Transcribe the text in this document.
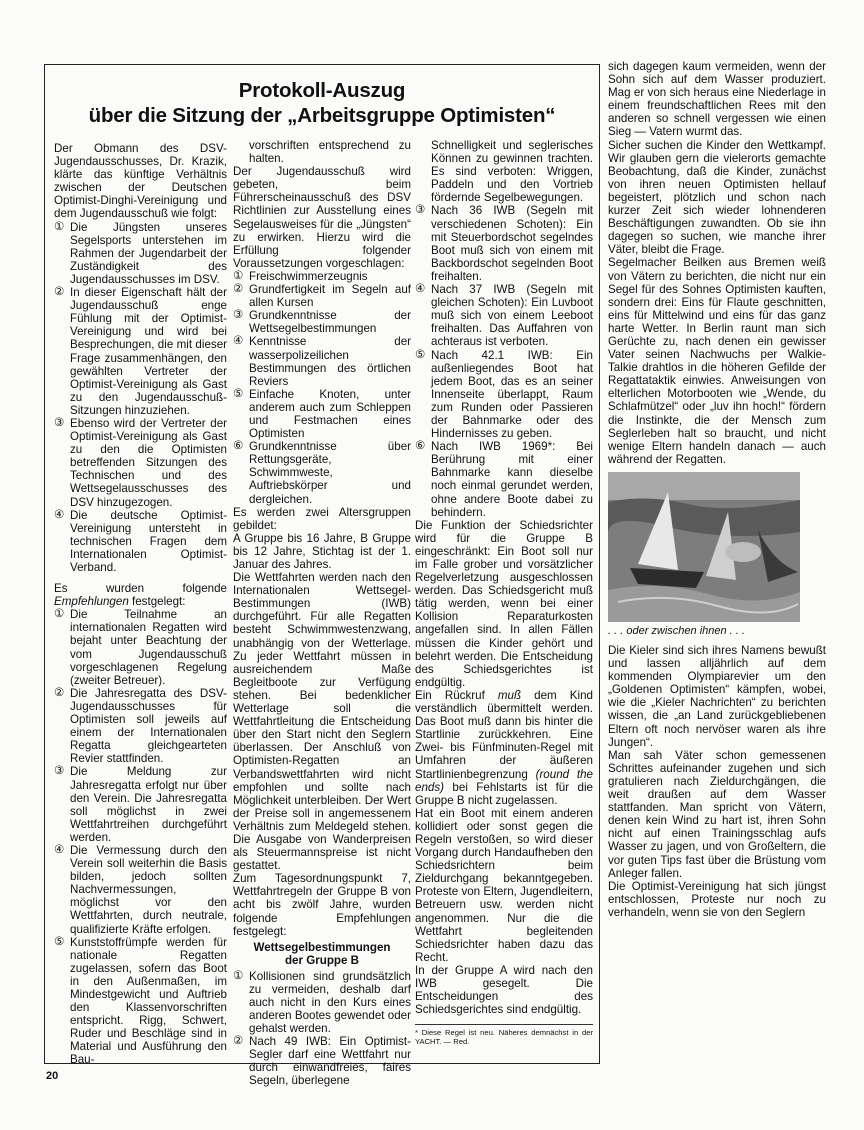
Protokoll-Auszug
über die Sitzung der „Arbeitsgruppe Optimisten“

Der Obmann des DSV-Jugendausschusses, Dr. Krazik, klärte das künftige Verhältnis zwischen der Deutschen Optimist-Dinghi-Vereinigung und dem Jugendausschuß wie folgt:

① Die Jüngsten unseres Segelsports unterstehen im Rahmen der Jugendarbeit der Zuständigkeit des Jugendausschusses im DSV.
② In dieser Eigenschaft hält der Jugendausschuß enge Fühlung mit der Optimist-Vereinigung und wird bei Besprechungen, die mit dieser Frage zusammenhängen, den gewählten Vertreter der Optimist-Vereinigung als Gast zu den Jugendausschuß-Sitzungen hinzuziehen.
③ Ebenso wird der Vertreter der Optimist-Vereinigung als Gast zu den die Optimisten betreffenden Sitzungen des Technischen und des Wettsegelausschusses des DSV hinzugezogen.
④ Die deutsche Optimist-Vereinigung untersteht in technischen Fragen dem Internationalen Optimist-Verband.

Es wurden folgende Empfehlungen festgelegt:

① Die Teilnahme an internationalen Regatten wird bejaht unter Beachtung der vom Jugendausschuß vorgeschlagenen Regelung (zweiter Betreuer).
② Die Jahresregatta des DSV-Jugendausschusses für Optimisten soll jeweils auf einem der Internationalen Regatta gleichgearteten Revier stattfinden.
③ Die Meldung zur Jahresregatta erfolgt nur über den Verein. Die Jahresregatta soll möglichst in zwei Wettfahrtreihen durchgeführt werden.
④ Die Vermessung durch den Verein soll weiterhin die Basis bilden, jedoch sollten Nachvermessungen, möglichst vor den Wettfahrten, durch neutrale, qualifizierte Kräfte erfolgen.
⑤ Kunststoffrümpfe werden für nationale Regatten zugelassen, sofern das Boot in den Außenmaßen, im Mindestgewicht und Auftrieb den Klassenvorschriften entspricht. Rigg, Schwert, Ruder und Beschläge sind in Material und Ausführung den Bau-

vorschriften entsprechend zu halten.

Der Jugendausschuß wird gebeten, beim Führerscheinausschuß des DSV Richtlinien zur Ausstellung eines Segelausweises für die „Jüngsten“ zu erwirken. Hierzu wird die Erfüllung folgender Voraussetzungen vorgeschlagen:

① Freischwimmerzeugnis
② Grundfertigkeit im Segeln auf allen Kursen
③ Grundkenntnisse der Wettsegelbestimmungen
④ Kenntnisse der wasserpolizeilichen Bestimmungen des örtlichen Reviers
⑤ Einfache Knoten, unter anderem auch zum Schleppen und Festmachen eines Optimisten
⑥ Grundkenntnisse über Rettungsgeräte, Schwimmweste, Auftriebskörper und dergleichen.

Es werden zwei Altersgruppen gebildet:

A Gruppe bis 16 Jahre, B Gruppe bis 12 Jahre, Stichtag ist der 1. Januar des Jahres.

Die Wettfahrten werden nach den Internationalen Wettsegel-Bestimmungen (IWB) durchgeführt. Für alle Regatten besteht Schwimmwestenzwang, unabhängig von der Wetterlage. Zu jeder Wettfahrt müssen in ausreichendem Maße Begleitboote zur Verfügung stehen. Bei bedenklicher Wetterlage soll die Wettfahrtleitung die Entscheidung über den Start nicht den Seglern überlassen. Der Anschluß von Optimisten-Regatten an Verbandswettfahrten wird nicht empfohlen und sollte nach Möglichkeit unterbleiben. Der Wert der Preise soll in angemessenem Verhältnis zum Meldegeld stehen. Die Ausgabe von Wanderpreisen als Steuermannspreise ist nicht gestattet.

Zum Tagesordnungspunkt 7, Wettfahrtregeln der Gruppe B von acht bis zwölf Jahre, wurden folgende Empfehlungen festgelegt:

Wettsegelbestimmungen
der Gruppe B
① Kollisionen sind grundsätzlich zu vermeiden, deshalb darf auch nicht in den Kurs eines anderen Bootes gewendet oder gehalst werden.
② Nach 49 IWB: Ein Optimist-Segler darf eine Wettfahrt nur durch einwandfreies, faires Segeln, überlegene

Schnelligkeit und seglerisches Können zu gewinnen trachten. Es sind verboten: Wriggen, Paddeln und den Vortrieb fördernde Segelbewegungen.

③ Nach 36 IWB (Segeln mit verschiedenen Schoten): Ein mit Steuerbordschot segelndes Boot muß sich von einem mit Backbordschot segelnden Boot freihalten.
④ Nach 37 IWB (Segeln mit gleichen Schoten): Ein Luvboot muß sich von einem Leeboot freihalten. Das Auffahren von achteraus ist verboten.
⑤ Nach 42.1 IWB: Ein außenliegendes Boot hat jedem Boot, das es an seiner Innenseite überlappt, Raum zum Runden oder Passieren der Bahnmarke oder des Hindernisses zu geben.
⑥ Nach IWB 1969*: Bei Berührung mit einer Bahnmarke kann dieselbe noch einmal gerundet werden, ohne andere Boote dabei zu behindern.

Die Funktion der Schiedsrichter wird für die Gruppe B eingeschränkt: Ein Boot soll nur im Falle grober und vorsätzlicher Regelverletzung ausgeschlossen werden. Das Schiedsgericht muß tätig werden, wenn bei einer Kollision Reparaturkosten angefallen sind. In allen Fällen müssen die Kinder gehört und belehrt werden. Die Entscheidung des Schiedsgerichtes ist endgültig.

Ein Rückruf muß dem Kind verständlich übermittelt werden. Das Boot muß dann bis hinter die Startlinie zurückkehren. Eine Zwei- bis Fünfminuten-Regel mit Umfahren der äußeren Startlinienbegrenzung (round the ends) bei Fehlstarts ist für die Gruppe B nicht zugelassen.

Hat ein Boot mit einem anderen kollidiert oder sonst gegen die Regeln verstoßen, so wird dieser Vorgang durch Handaufheben den Schiedsrichtern beim Zieldurchgang bekanntgegeben. Proteste von Eltern, Jugendleitern, Betreuern usw. werden nicht angenommen. Nur die die Wettfahrt begleitenden Schiedsrichter haben dazu das Recht.

In der Gruppe A wird nach den IWB gesegelt. Die Entscheidungen des Schiedsgerichtes sind endgültig.

* Diese Regel ist neu. Näheres demnächst in der YACHT. — Red.

sich dagegen kaum vermeiden, wenn der Sohn sich auf dem Wasser produziert. Mag er von sich heraus eine Niederlage in einem freundschaftlichen Rees mit den anderen so schnell vergessen wie einen Sieg — Vatern wurmt das.

Sicher suchen die Kinder den Wettkampf. Wir glauben gern die vielerorts gemachte Beobachtung, daß die Kinder, zunächst von ihren neuen Optimisten hellauf begeistert, plötzlich und schon nach kurzer Zeit sich wieder lohnenderen Beschäftigungen zuwandten. Ob sie ihn dagegen so suchen, wie manche ihrer Väter, bleibt die Frage.

Segelmacher Beilken aus Bremen weiß von Vätern zu berichten, die nicht nur ein Segel für des Sohnes Optimisten kauften, sondern drei: Eins für Flaute geschnitten, eins für Mittelwind und eins für das ganz harte Wetter. In Berlin raunt man sich Gerüchte zu, nach denen ein gewisser Vater seinen Nachwuchs per Walkie-Talkie drahtlos in die höheren Gefilde der Regattataktik einwies. Anweisungen von elterlichen Motorbooten wie „Wende, du Schlafmützel“ oder „luv ihn hoch!“ fördern die Instinkte, die der Mensch zum Seglerleben halt so braucht, und nicht wenige Eltern handeln danach — auch während der Regatten.

. . . oder zwischen ihnen . . .

Die Kieler sind sich ihres Namens bewußt und lassen alljährlich auf dem kommenden Olympiarevier um den „Goldenen Optimisten“ kämpfen, wobei, wie die „Kieler Nachrichten“ zu berichten wissen, die „an Land zurückgebliebenen Eltern oft noch nervöser waren als ihre Jungen“.

Man sah Väter schon gemessenen Schrittes aufeinander zugehen und sich gratulieren nach Zieldurchgängen, die weit draußen auf dem Wasser stattfanden. Man spricht von Vätern, denen kein Wind zu hart ist, ihren Sohn nicht auf einen Trainingsschlag aufs Wasser zu jagen, und von Großeltern, die vor guten Tips fast über die Brüstung vom Anleger fallen.

Die Optimist-Vereinigung hat sich jüngst entschlossen, Proteste nur noch zu verhandeln, wenn sie von den Seglern

20
